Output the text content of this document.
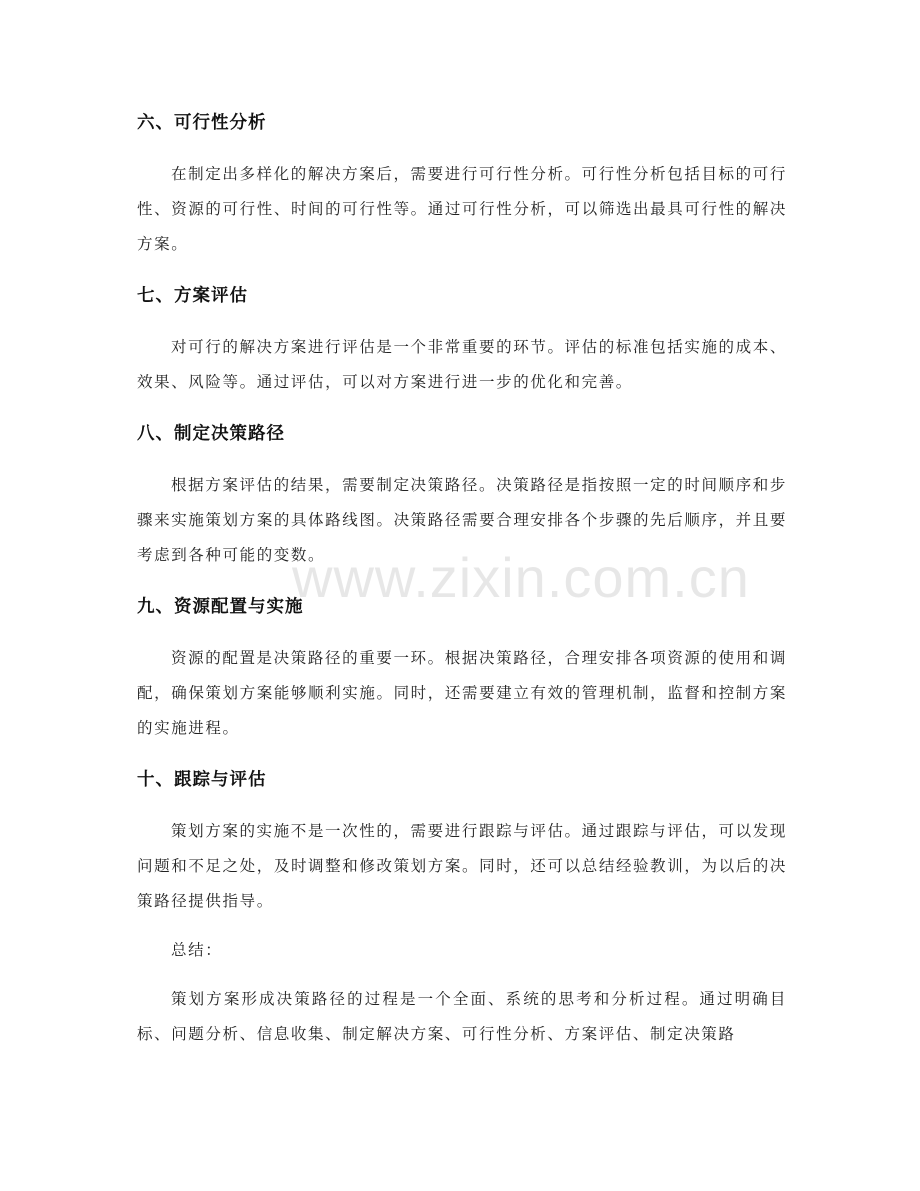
www.zixin.com.cn
六、可行性分析

在制定出多样化的解决方案后，需要进行可行性分析。可行性分析包括目标的可行性、资源的可行性、时间的可行性等。通过可行性分析，可以筛选出最具可行性的解决方案。

七、方案评估

对可行的解决方案进行评估是一个非常重要的环节。评估的标准包括实施的成本、效果、风险等。通过评估，可以对方案进行进一步的优化和完善。

八、制定决策路径

根据方案评估的结果，需要制定决策路径。决策路径是指按照一定的时间顺序和步骤来实施策划方案的具体路线图。决策路径需要合理安排各个步骤的先后顺序，并且要考虑到各种可能的变数。

九、资源配置与实施

资源的配置是决策路径的重要一环。根据决策路径，合理安排各项资源的使用和调配，确保策划方案能够顺利实施。同时，还需要建立有效的管理机制，监督和控制方案的实施进程。

十、跟踪与评估

策划方案的实施不是一次性的，需要进行跟踪与评估。通过跟踪与评估，可以发现问题和不足之处，及时调整和修改策划方案。同时，还可以总结经验教训，为以后的决策路径提供指导。

总结：

策划方案形成决策路径的过程是一个全面、系统的思考和分析过程。通过明确目标、问题分析、信息收集、制定解决方案、可行性分析、方案评估、制定决策路
